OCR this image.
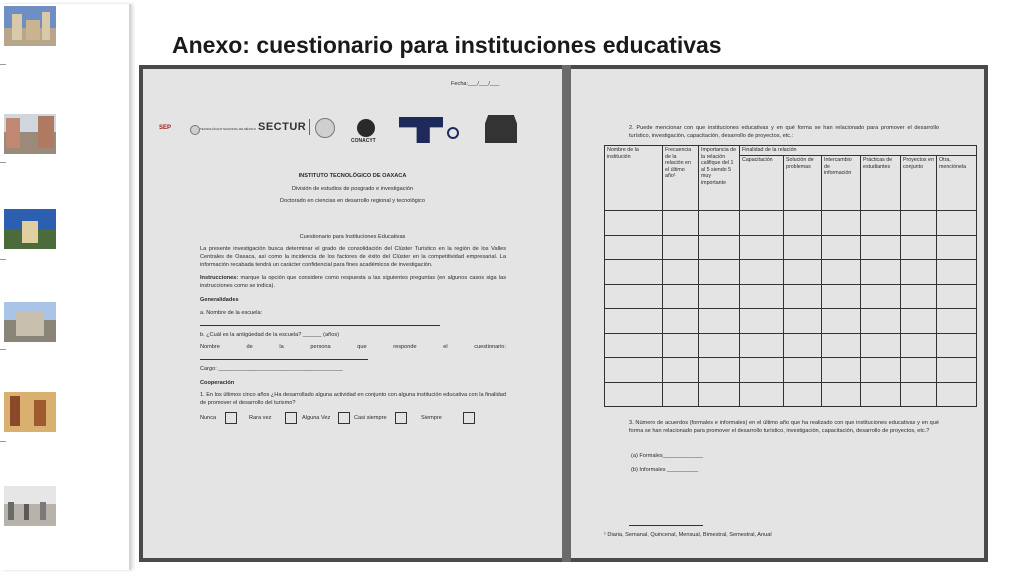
Anexo: cuestionario para instituciones educativas
Fecha:___/___/___
SEP	TECNOLÓGICO NACIONAL DE MÉXICO SECTUR
CONACYT
INSTITUTO TECNOLÓGICO DE OAXACA
División de estudios de posgrado e investigación
Doctorado en ciencias en desarrollo regional y tecnológico
Cuestionario para Instituciones Educativas
La presente investigación busca determinar el grado de consolidación del Clúster Turístico en la región de los Valles Centrales de Oaxaca, así como la incidencia de los factores de éxito del Clúster en la competitividad empresarial. La información recabada tendrá un carácter confidencial para fines académicos de investigación.
Instrucciones: marque la opción que considere como respuesta a las siguientes preguntas (en algunos casos siga las instrucciones como se indica).
Generalidades
a. Nombre de la escuela:
b. ¿Cuál es la antigüedad de la escuela? ______ (años)
Nombre	de	la	persona	que	responde	el	cuestionario:
Cargo: ________________________________________
Cooperación
1. En los últimos cinco años ¿Ha desarrollado alguna actividad en conjunto con alguna institución educativa con la finalidad de promover el desarrollo del turismo?
Nunca	Rara vez	Alguna Vez	Casi siempre	Siempre
2. Puede mencionar con que instituciones educativas y en qué forma se han relacionado para promover el desarrollo turístico, investigación, capacitación, desarrollo de proyectos, etc.:
Nombre de la institución	Frecuencia de la relación en el último año¹	Importancia de la relación califique del 1 al 5 siendo 5 muy importante	Finalidad de la relación					
			Capacitación	Solución de problemas	Intercambio de información	Prácticas de estudiantes	Proyectos en conjunto	Otra, menciónela

3. Número de acuerdos (formales e informales) en el último año que ha realizado con que instituciones educativas y en qué forma se han relacionado para promover el desarrollo turístico, investigación, capacitación, desarrollo de proyectos, etc.?
(a) Formales_____________
(b) Informales __________
¹ Diaria, Semanal, Quincenal, Mensual, Bimestral, Semestral, Anual
